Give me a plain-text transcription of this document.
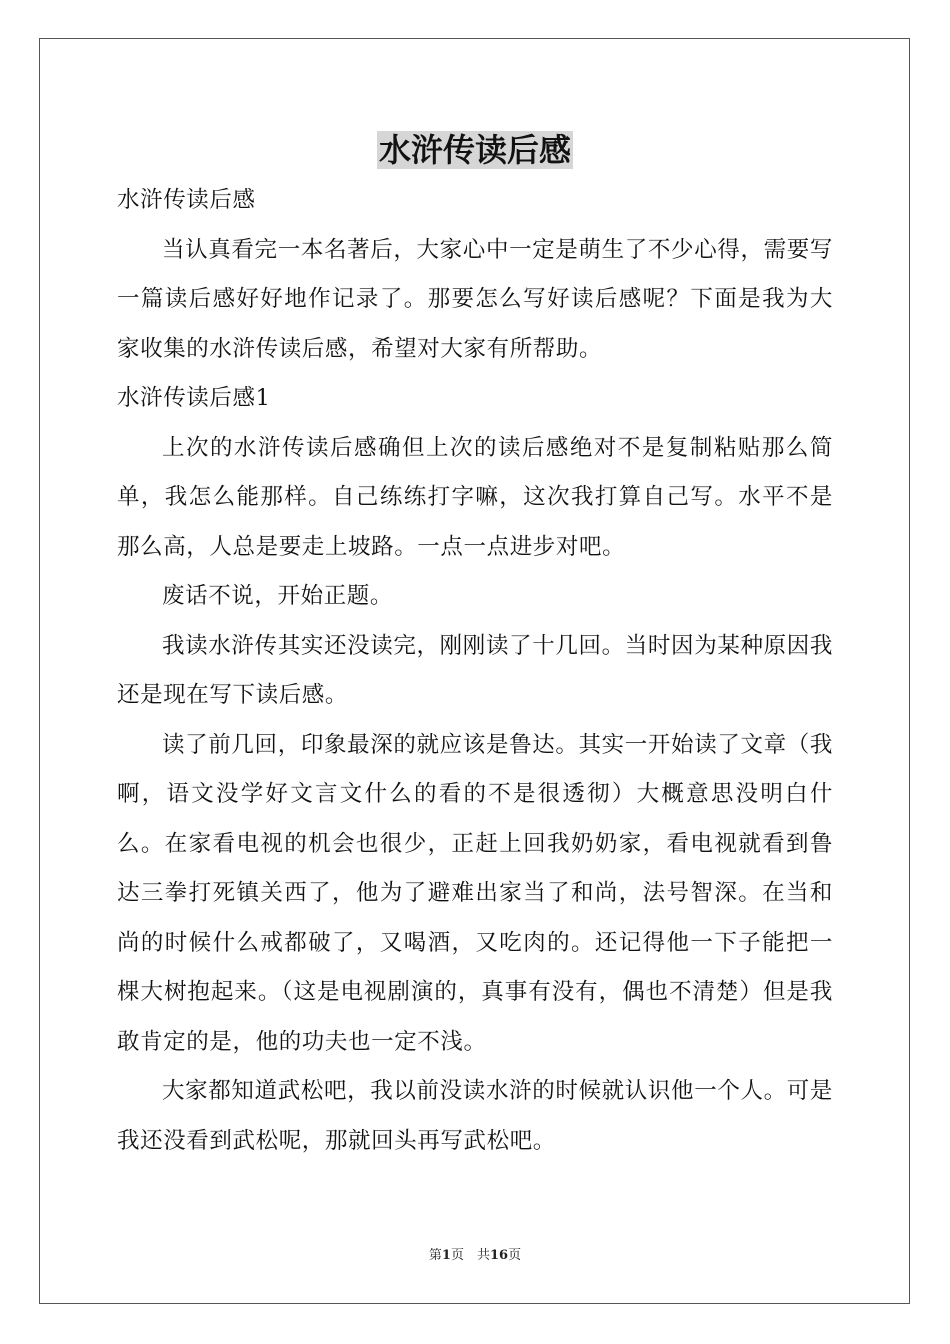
水浒传读后感

水浒传读后感

当认真看完一本名著后，大家心中一定是萌生了不少心得，需要写一篇读后感好好地作记录了。那要怎么写好读后感呢？下面是我为大家收集的水浒传读后感，希望对大家有所帮助。

水浒传读后感1

上次的水浒传读后感确但上次的读后感绝对不是复制粘贴那么简单，我怎么能那样。自己练练打字嘛，这次我打算自己写。水平不是那么高，人总是要走上坡路。一点一点进步对吧。

废话不说，开始正题。

我读水浒传其实还没读完，刚刚读了十几回。当时因为某种原因我还是现在写下读后感。

读了前几回，印象最深的就应该是鲁达。其实一开始读了文章（我啊，语文没学好文言文什么的看的不是很透彻）大概意思没明白什么。在家看电视的机会也很少，正赶上回我奶奶家，看电视就看到鲁达三拳打死镇关西了，他为了避难出家当了和尚，法号智深。在当和尚的时候什么戒都破了，又喝酒，又吃肉的。还记得他一下子能把一棵大树抱起来。（这是电视剧演的，真事有没有，偶也不清楚）但是我敢肯定的是，他的功夫也一定不浅。

大家都知道武松吧，我以前没读水浒的时候就认识他一个人。可是我还没看到武松呢，那就回头再写武松吧。

第1页　共16页
